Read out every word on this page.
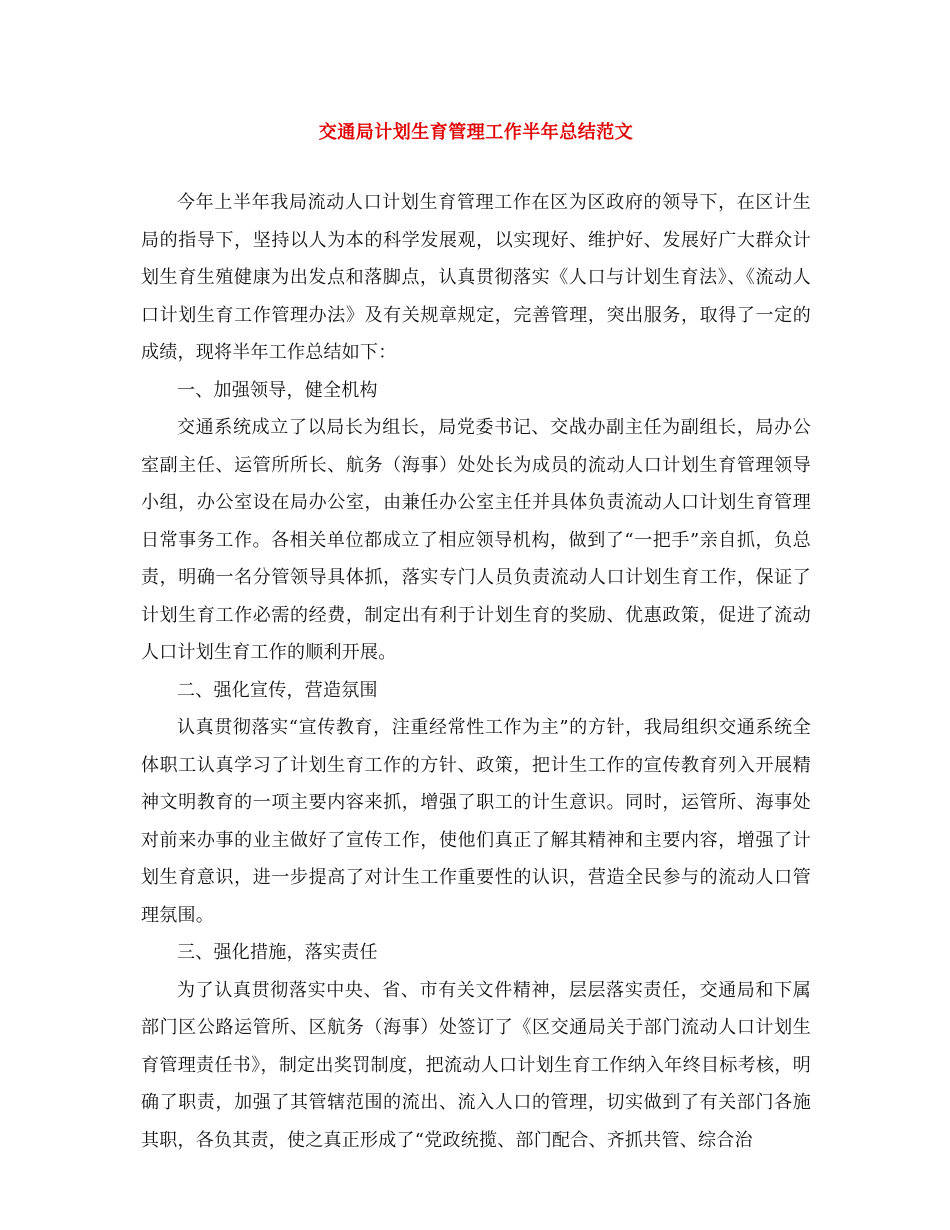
交通局计划生育管理工作半年总结范文

今年上半年我局流动人口计划生育管理工作在区为区政府的领导下，在区计生局的指导下，坚持以人为本的科学发展观，以实现好、维护好、发展好广大群众计划生育生殖健康为出发点和落脚点，认真贯彻落实《人口与计划生育法》、《流动人口计划生育工作管理办法》及有关规章规定，完善管理，突出服务，取得了一定的成绩，现将半年工作总结如下：

一、加强领导，健全机构

交通系统成立了以局长为组长，局党委书记、交战办副主任为副组长，局办公室副主任、运管所所长、航务（海事）处处长为成员的流动人口计划生育管理领导小组，办公室设在局办公室，由兼任办公室主任并具体负责流动人口计划生育管理日常事务工作。各相关单位都成立了相应领导机构，做到了“一把手”亲自抓，负总责，明确一名分管领导具体抓，落实专门人员负责流动人口计划生育工作，保证了计划生育工作必需的经费，制定出有利于计划生育的奖励、优惠政策，促进了流动人口计划生育工作的顺利开展。

二、强化宣传，营造氛围

认真贯彻落实“宣传教育，注重经常性工作为主”的方针，我局组织交通系统全体职工认真学习了计划生育工作的方针、政策，把计生工作的宣传教育列入开展精神文明教育的一项主要内容来抓，增强了职工的计生意识。同时，运管所、海事处对前来办事的业主做好了宣传工作，使他们真正了解其精神和主要内容，增强了计划生育意识，进一步提高了对计生工作重要性的认识，营造全民参与的流动人口管理氛围。

三、强化措施，落实责任

为了认真贯彻落实中央、省、市有关文件精神，层层落实责任，交通局和下属部门区公路运管所、区航务（海事）处签订了《区交通局关于部门流动人口计划生育管理责任书》，制定出奖罚制度，把流动人口计划生育工作纳入年终目标考核，明确了职责，加强了其管辖范围的流出、流入人口的管理，切实做到了有关部门各施其职，各负其责，使之真正形成了“党政统揽、部门配合、齐抓共管、综合治
